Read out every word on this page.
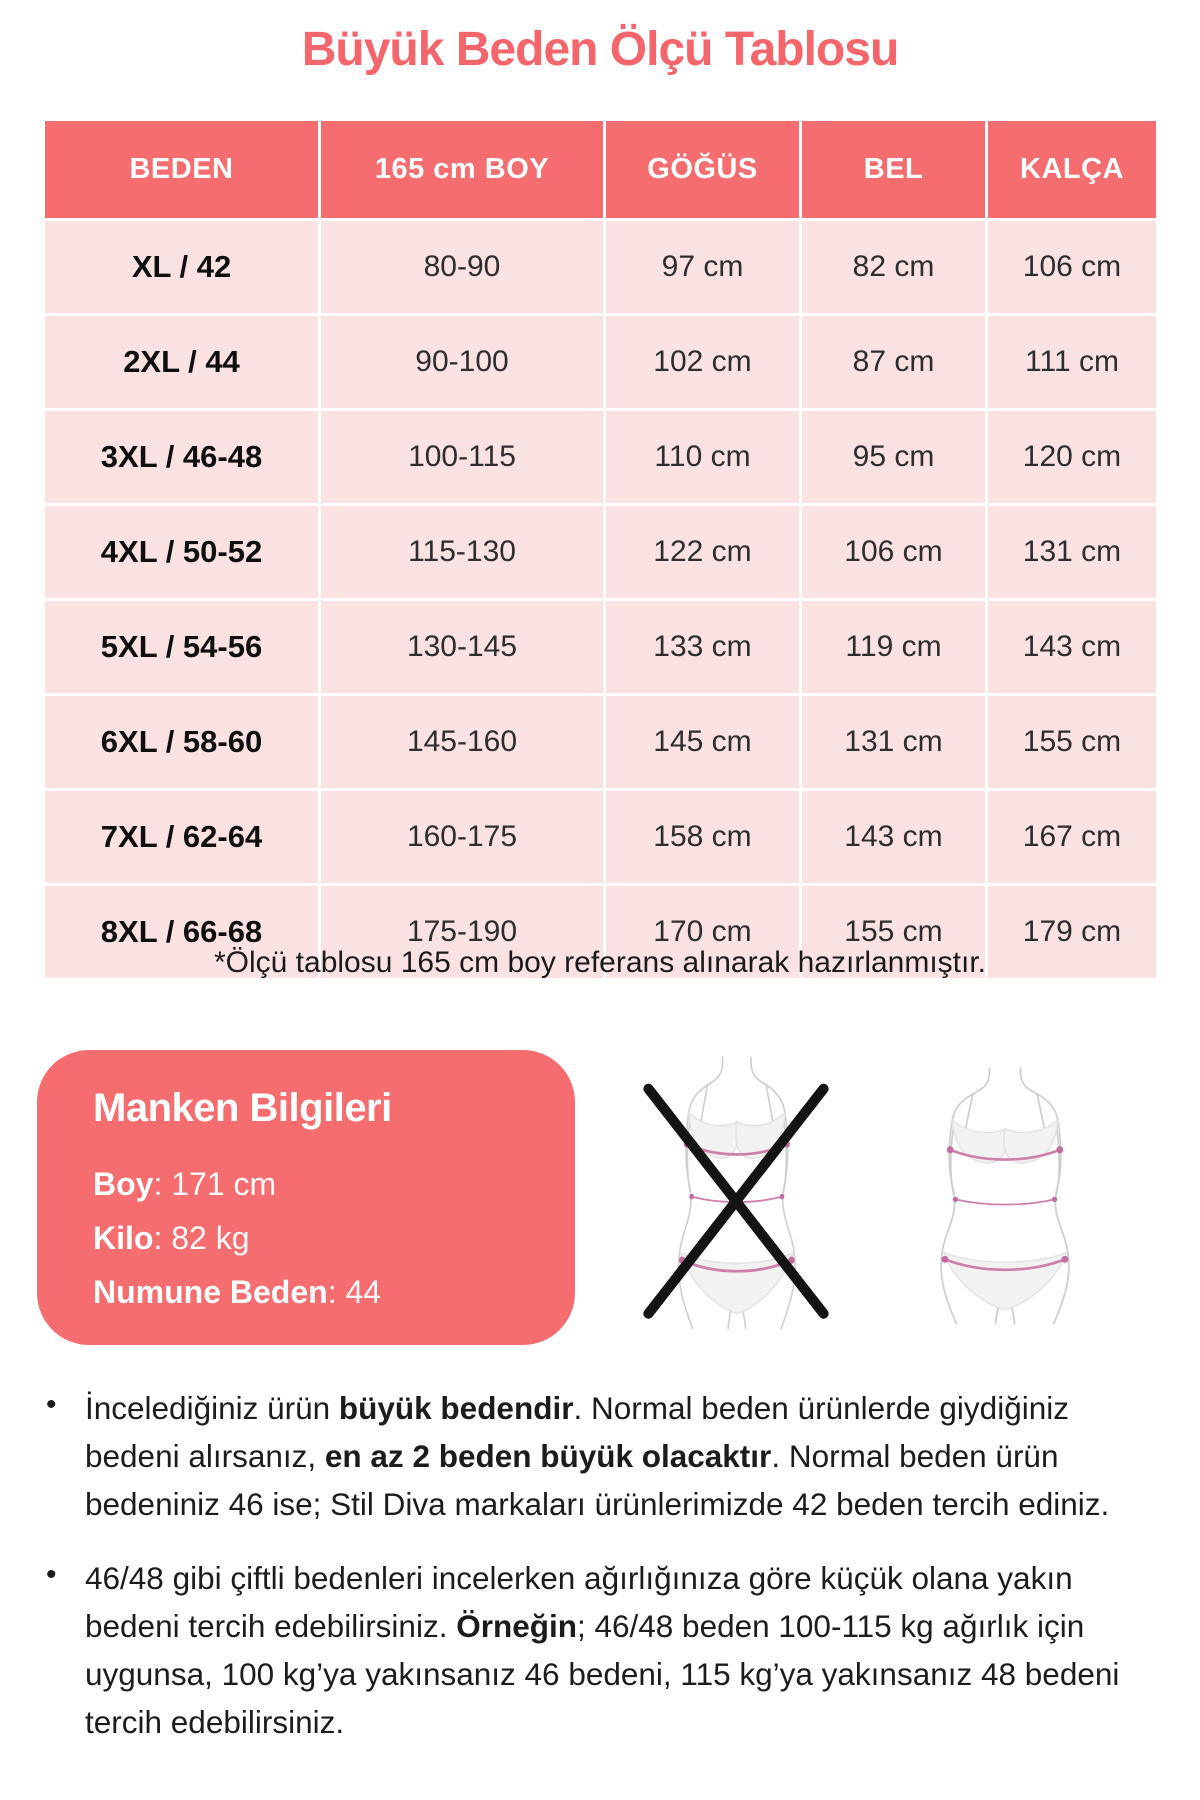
Büyük Beden Ölçü Tablosu
BEDEN	165 cm BOY	GÖĞÜS	BEL	KALÇA
XL / 42	80-90	97 cm	82 cm	106 cm
2XL / 44	90-100	102 cm	87 cm	111 cm
3XL / 46-48	100-115	110 cm	95 cm	120 cm
4XL / 50-52	115-130	122 cm	106 cm	131 cm
5XL / 54-56	130-145	133 cm	119 cm	143 cm
6XL / 58-60	145-160	145 cm	131 cm	155 cm
7XL / 62-64	160-175	158 cm	143 cm	167 cm
8XL / 66-68	175-190	170 cm	155 cm	179 cm

*Ölçü tablosu 165 cm boy referans alınarak hazırlanmıştır.

Manken Bilgileri
Boy: 171 cm
Kilo: 82 kg
Numune Beden: 44
• İncelediğiniz ürün büyük bedendir. Normal beden ürünlerde giydiğiniz bedeni alırsanız, en az 2 beden büyük olacaktır. Normal beden ürün bedeniniz 46 ise; Stil Diva markaları ürünlerimizde 42 beden tercih ediniz.
• 46/48 gibi çiftli bedenleri incelerken ağırlığınıza göre küçük olana yakın bedeni tercih edebilirsiniz. Örneğin; 46/48 beden 100-115 kg ağırlık için uygunsa, 100 kg’ya yakınsanız 46 bedeni, 115 kg’ya yakınsanız 48 bedeni tercih edebilirsiniz.
